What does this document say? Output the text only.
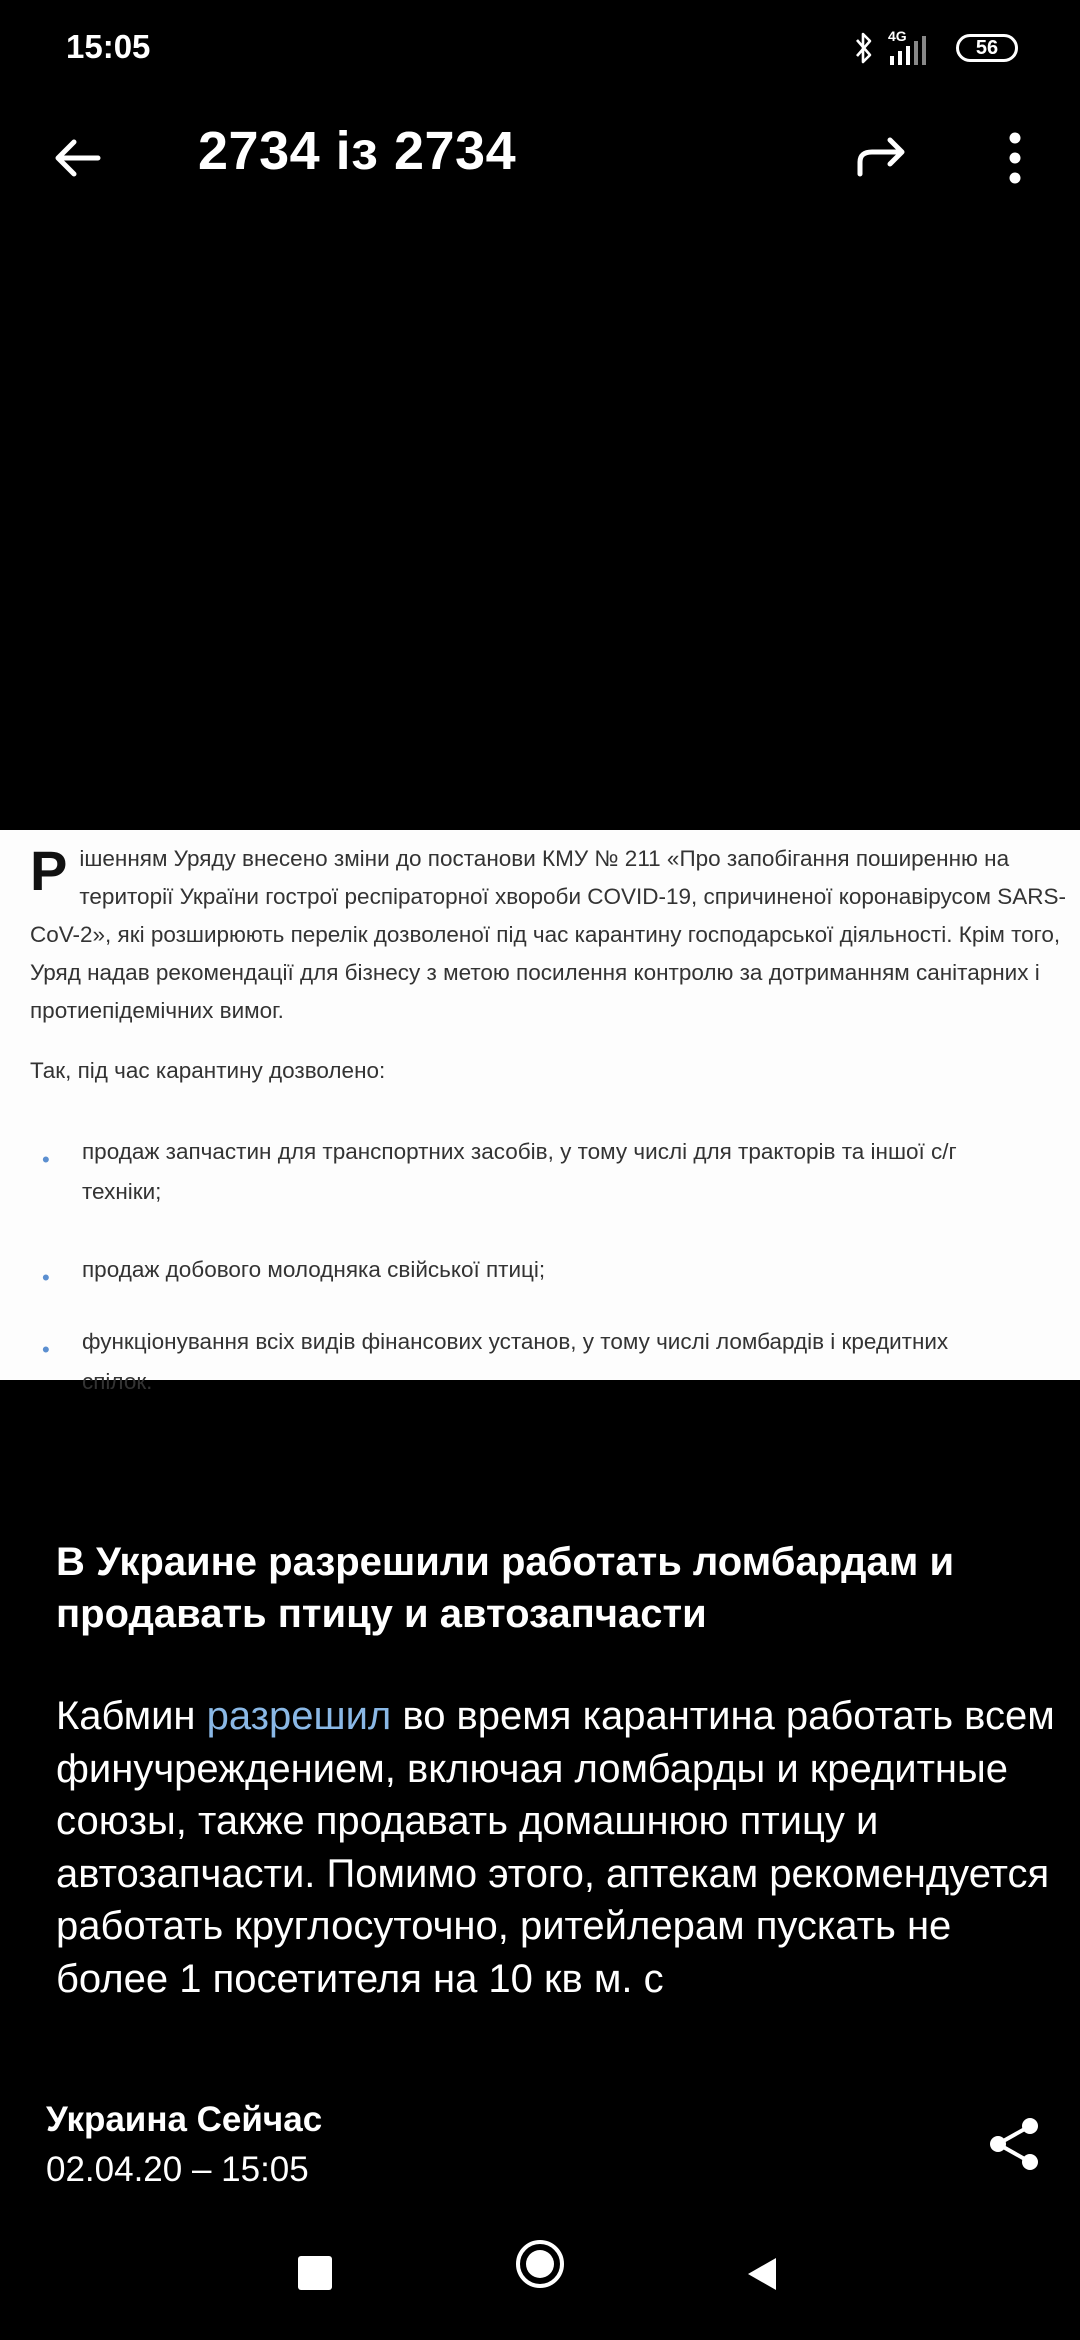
15:05	4G
56
2734 із 2734
Р ішенням Уряду внесено зміни до постанови КМУ № 211 «Про запобігання поширенню на території України гострої респіраторної хвороби COVID-19, спричиненої коронавірусом SARS-CoV-2», які розширюють перелік дозволеної під час карантину господарської діяльності. Крім того, Уряд надав рекомендації для бізнесу з метою посилення контролю за дотриманням санітарних і протиепідемічних вимог.
Так, під час карантину дозволено:
•	продаж запчастин для транспортних засобів, у тому числі для тракторів та іншої с/г техніки;
•	продаж добового молодняка свійської птиці;
•	функціонування всіх видів фінансових установ, у тому числі ломбардів і кредитних спілок.
В Украине разрешили работать ломбардам и продавать птицу и автозапчасти
Кабмин разрешил во время карантина работать всем финучреждением, включая ломбарды и кредитные союзы, также продавать домашнюю птицу и автозапчасти. Помимо этого, аптекам рекомендуется работать круглосуточно, ритейлерам пускать не более 1 посетителя на 10 кв м. с
Украина Сейчас
02.04.20 – 15:05
